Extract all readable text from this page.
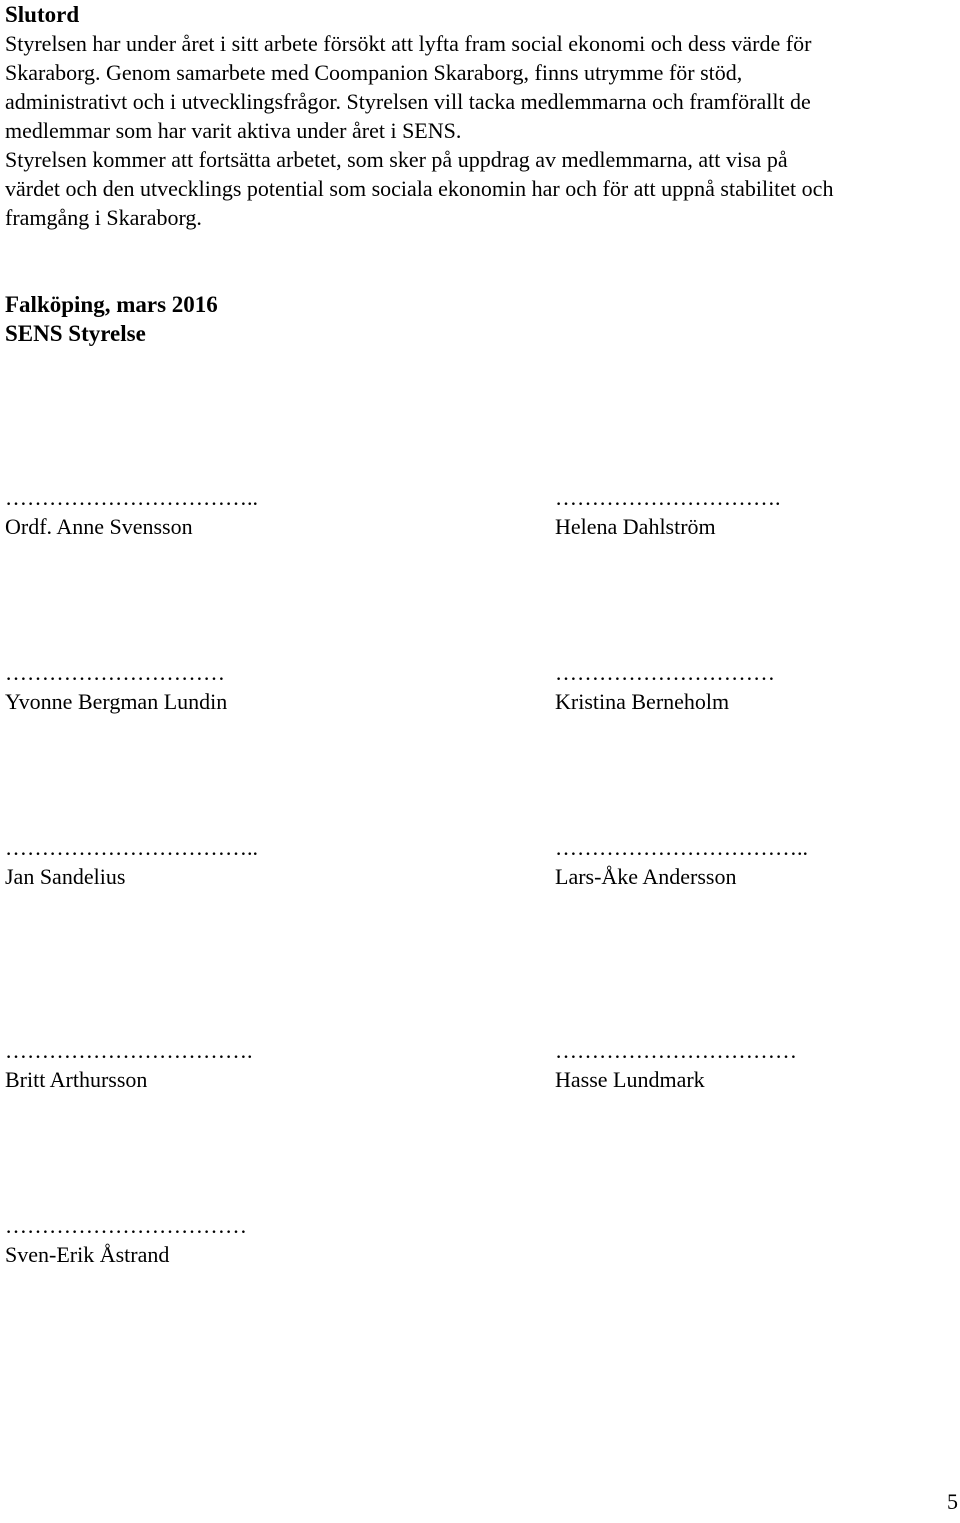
Slutord

Styrelsen har under året i sitt arbete försökt att lyfta fram social ekonomi och dess värde för
Skaraborg. Genom samarbete med Coompanion Skaraborg, finns utrymme för stöd,
administrativt och i utvecklingsfrågor. Styrelsen vill tacka medlemmarna och framförallt de
medlemmar som har varit aktiva under året i SENS.

Styrelsen kommer att fortsätta arbetet, som sker på uppdrag av medlemmarna, att visa på
värdet och den utvecklings potential som sociala ekonomin har och för att uppnå stabilitet och
framgång i Skaraborg.

Falköping, mars 2016

SENS Styrelse

……………………………..
Ordf. Anne Svensson
………………………….
Helena Dahlström
…………………………
Yvonne Bergman Lundin
…………………………
Kristina Berneholm
……………………………..
Jan Sandelius
……………………………..
Lars-Åke Andersson
…………………………….
Britt Arthursson
……………………………
Hasse Lundmark
……………………………
Sven-Erik Åstrand
5
